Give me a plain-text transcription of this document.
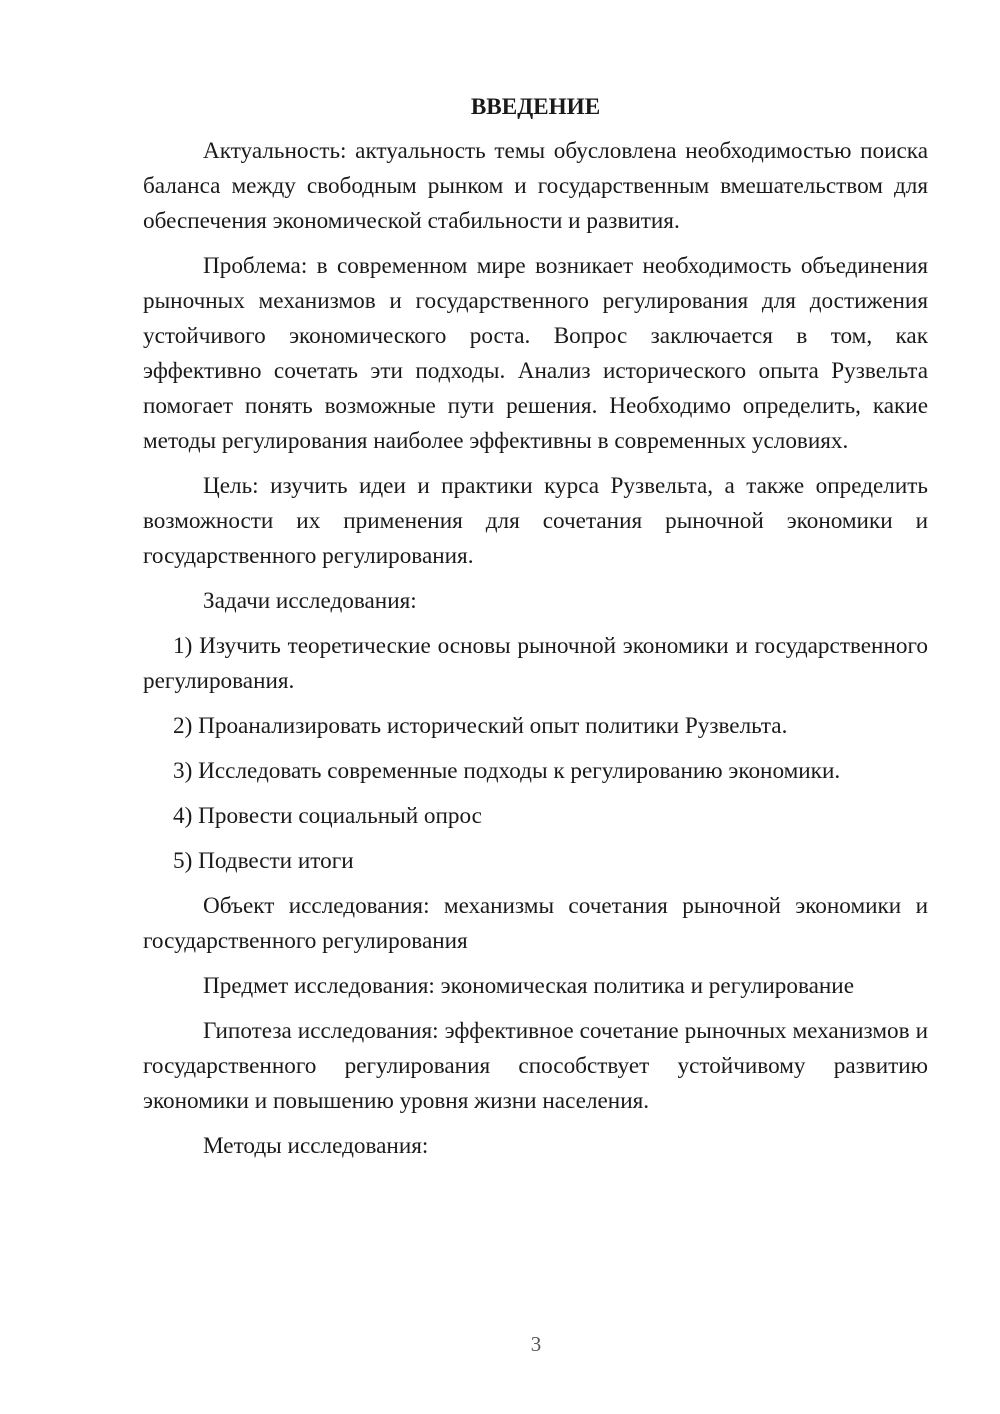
ВВЕДЕНИЕ

Актуальность: актуальность темы обусловлена необходимостью поиска баланса между свободным рынком и государственным вмешательством для обеспечения экономической стабильности и развития.

Проблема: в современном мире возникает необходимость объединения рыночных механизмов и государственного регулирования для достижения устойчивого экономического роста. Вопрос заключается в том, как эффективно сочетать эти подходы. Анализ исторического опыта Рузвельта помогает понять возможные пути решения. Необходимо определить, какие методы регулирования наиболее эффективны в современных условиях.

Цель: изучить идеи и практики курса Рузвельта, а также определить возможности их применения для сочетания рыночной экономики и государственного регулирования.

Задачи исследования:

1) Изучить теоретические основы рыночной экономики и государственного регулирования.

2) Проанализировать исторический опыт политики Рузвельта.

3) Исследовать современные подходы к регулированию экономики.

4) Провести социальный опрос

5) Подвести итоги

Объект исследования: механизмы сочетания рыночной экономики и государственного регулирования

Предмет исследования: экономическая политика и регулирование

Гипотеза исследования: эффективное сочетание рыночных механизмов и государственного регулирования способствует устойчивому развитию экономики и повышению уровня жизни населения.

Методы исследования:

3
